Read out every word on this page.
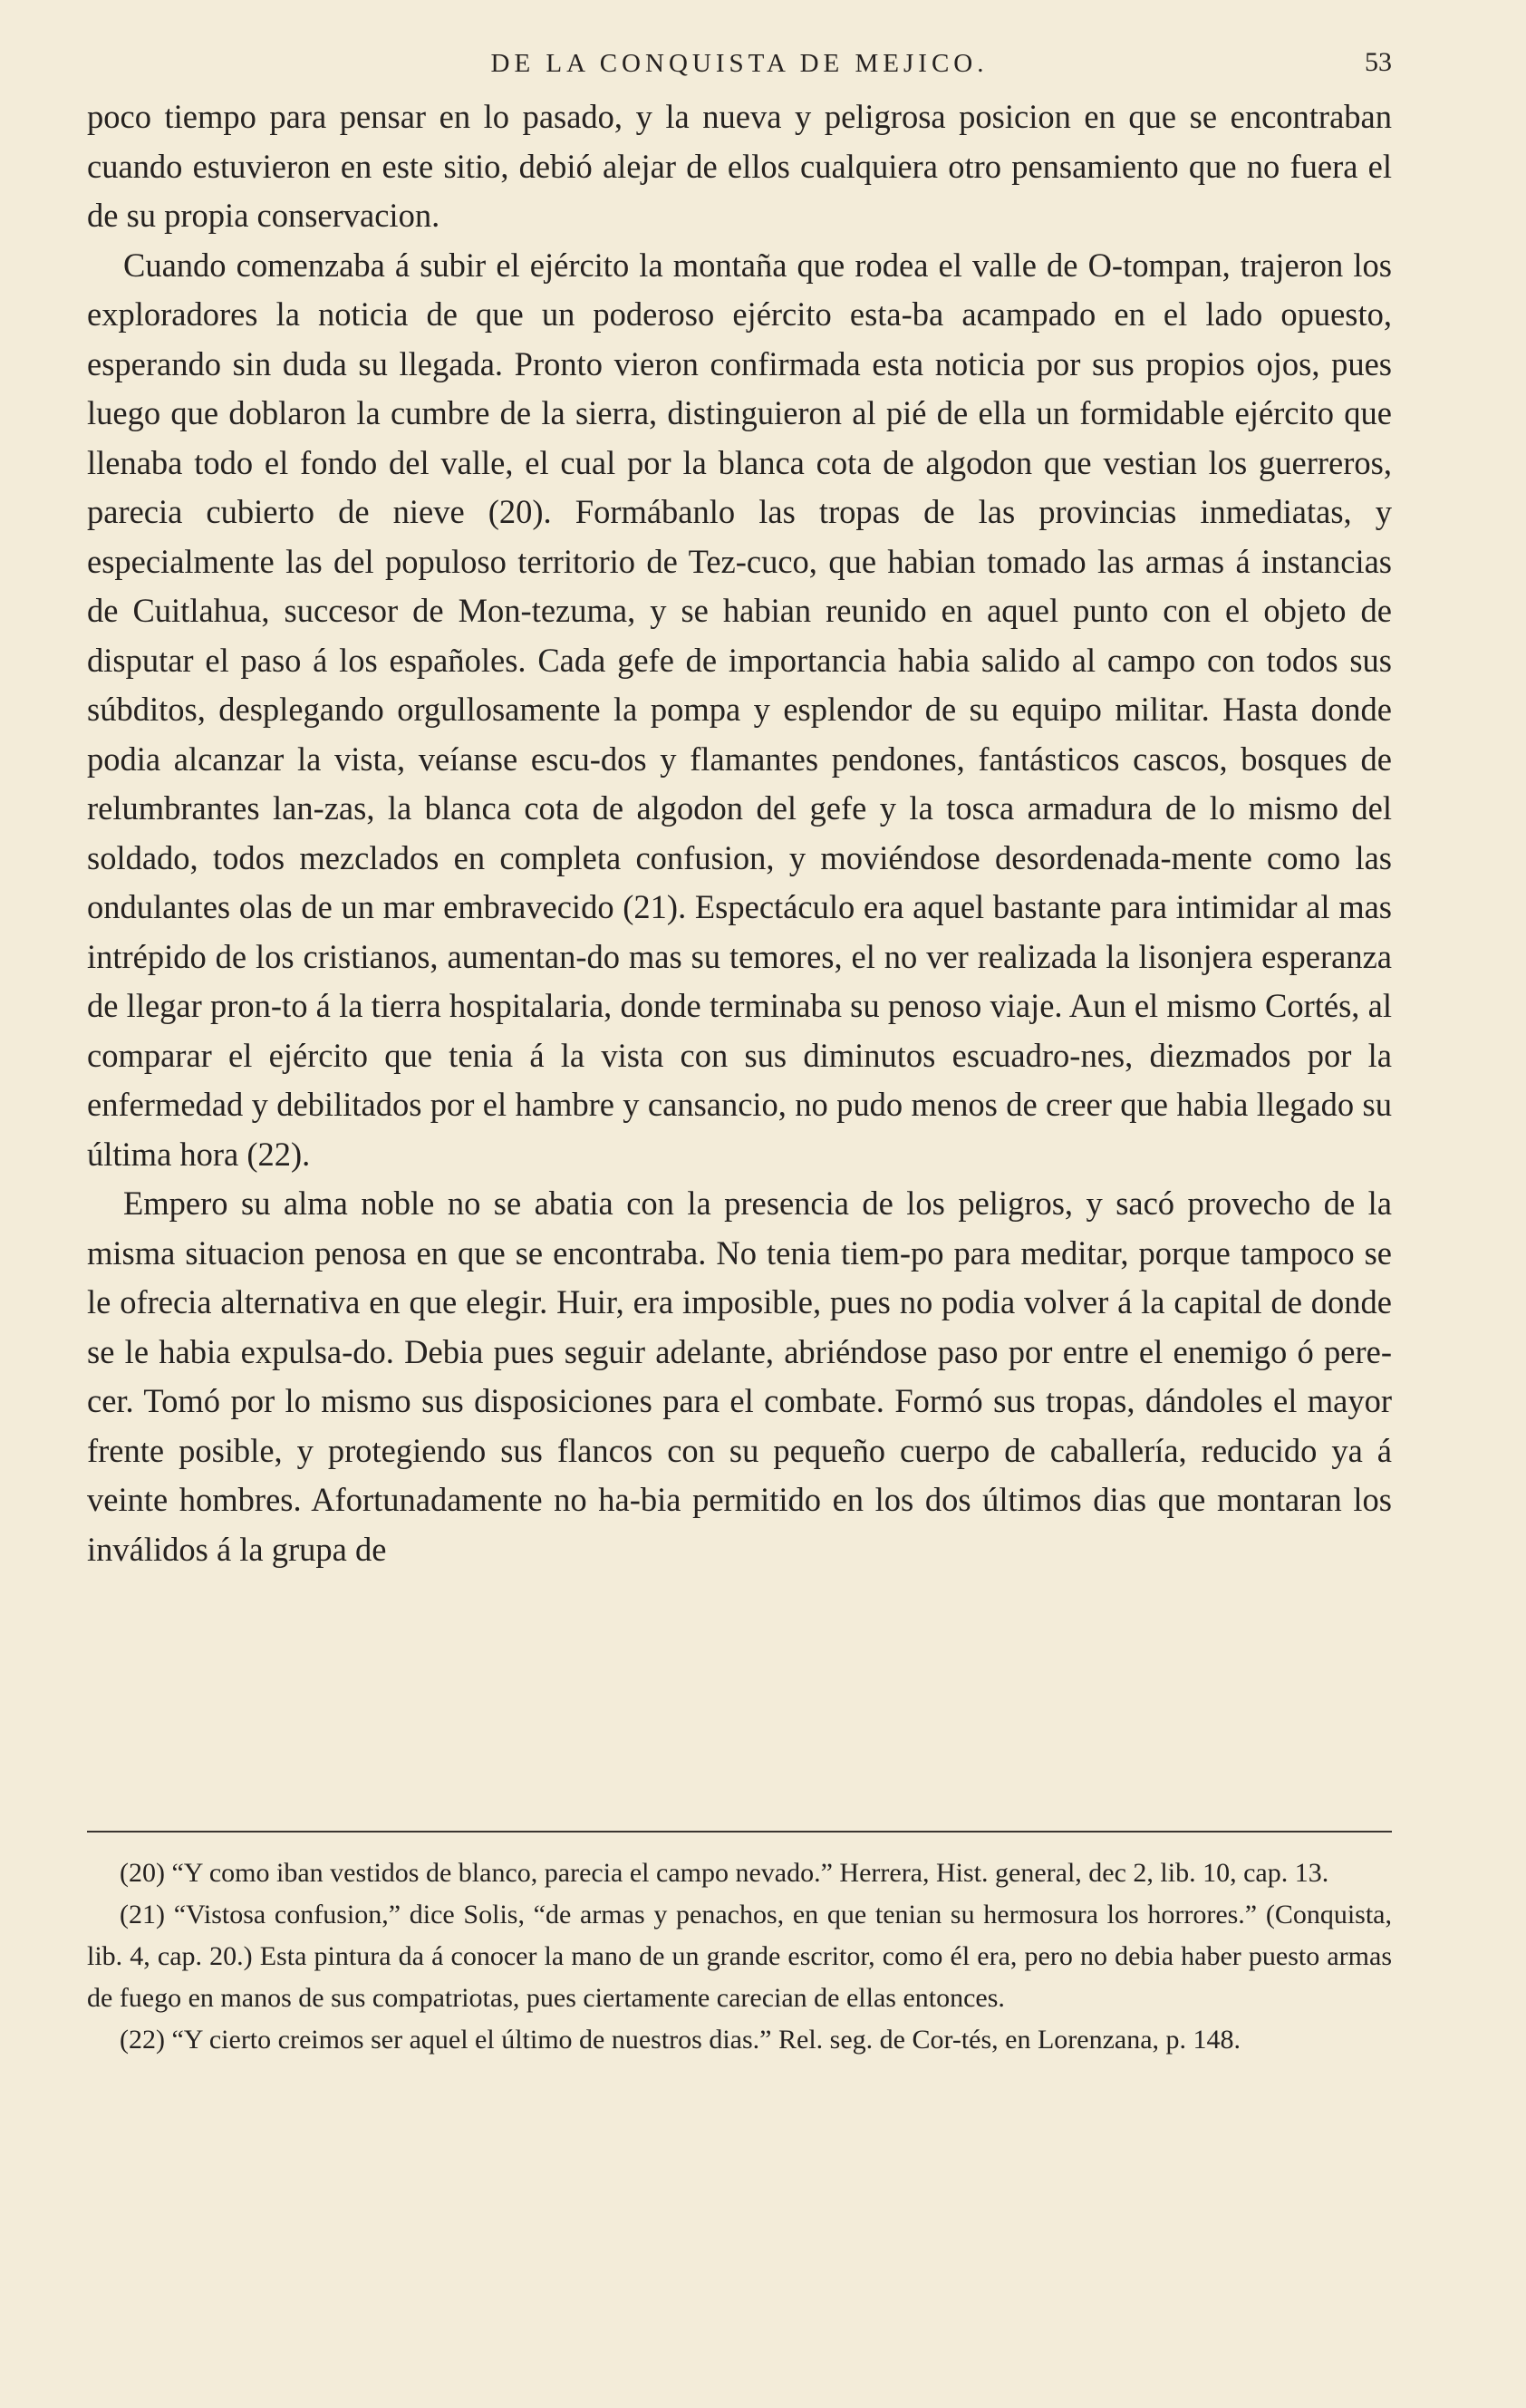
DE LA CONQUISTA DE MEJICO.	53

poco tiempo para pensar en lo pasado, y la nueva y peligrosa posicion en que se encontraban cuando estuvieron en este sitio, debió alejar de ellos cualquiera otro pensamiento que no fuera el de su propia conservacion.

Cuando comenzaba á subir el ejército la montaña que rodea el valle de O-tompan, trajeron los exploradores la noticia de que un poderoso ejército esta-ba acampado en el lado opuesto, esperando sin duda su llegada. Pronto vieron confirmada esta noticia por sus propios ojos, pues luego que doblaron la cumbre de la sierra, distinguieron al pié de ella un formidable ejército que llenaba todo el fondo del valle, el cual por la blanca cota de algodon que vestian los guerreros, parecia cubierto de nieve (20). Formábanlo las tropas de las provincias inmediatas, y especialmente las del populoso territorio de Tez-cuco, que habian tomado las armas á instancias de Cuitlahua, succesor de Mon-tezuma, y se habian reunido en aquel punto con el objeto de disputar el paso á los españoles. Cada gefe de importancia habia salido al campo con todos sus súbditos, desplegando orgullosamente la pompa y esplendor de su equipo militar. Hasta donde podia alcanzar la vista, veíanse escu-dos y flamantes pendones, fantásticos cascos, bosques de relumbrantes lan-zas, la blanca cota de algodon del gefe y la tosca armadura de lo mismo del soldado, todos mezclados en completa confusion, y moviéndose desordenada-mente como las ondulantes olas de un mar embravecido (21). Espectáculo era aquel bastante para intimidar al mas intrépido de los cristianos, aumentan-do mas su temores, el no ver realizada la lisonjera esperanza de llegar pron-to á la tierra hospitalaria, donde terminaba su penoso viaje. Aun el mismo Cortés, al comparar el ejército que tenia á la vista con sus diminutos escuadro-nes, diezmados por la enfermedad y debilitados por el hambre y cansancio, no pudo menos de creer que habia llegado su última hora (22).

Empero su alma noble no se abatia con la presencia de los peligros, y sacó provecho de la misma situacion penosa en que se encontraba. No tenia tiem-po para meditar, porque tampoco se le ofrecia alternativa en que elegir. Huir, era imposible, pues no podia volver á la capital de donde se le habia expulsa-do. Debia pues seguir adelante, abriéndose paso por entre el enemigo ó pere-cer. Tomó por lo mismo sus disposiciones para el combate. Formó sus tropas, dándoles el mayor frente posible, y protegiendo sus flancos con su pequeño cuerpo de caballería, reducido ya á veinte hombres. Afortunadamente no ha-bia permitido en los dos últimos dias que montaran los inválidos á la grupa de

(20) “Y como iban vestidos de blanco, parecia el campo nevado.” Herrera, Hist. general, dec 2, lib. 10, cap. 13.

(21) “Vistosa confusion,” dice Solis, “de armas y penachos, en que tenian su hermosura los horrores.” (Conquista, lib. 4, cap. 20.) Esta pintura da á conocer la mano de un grande escritor, como él era, pero no debia haber puesto armas de fuego en manos de sus compatriotas, pues ciertamente carecian de ellas entonces.

(22) “Y cierto creimos ser aquel el último de nuestros dias.” Rel. seg. de Cor-tés, en Lorenzana, p. 148.
